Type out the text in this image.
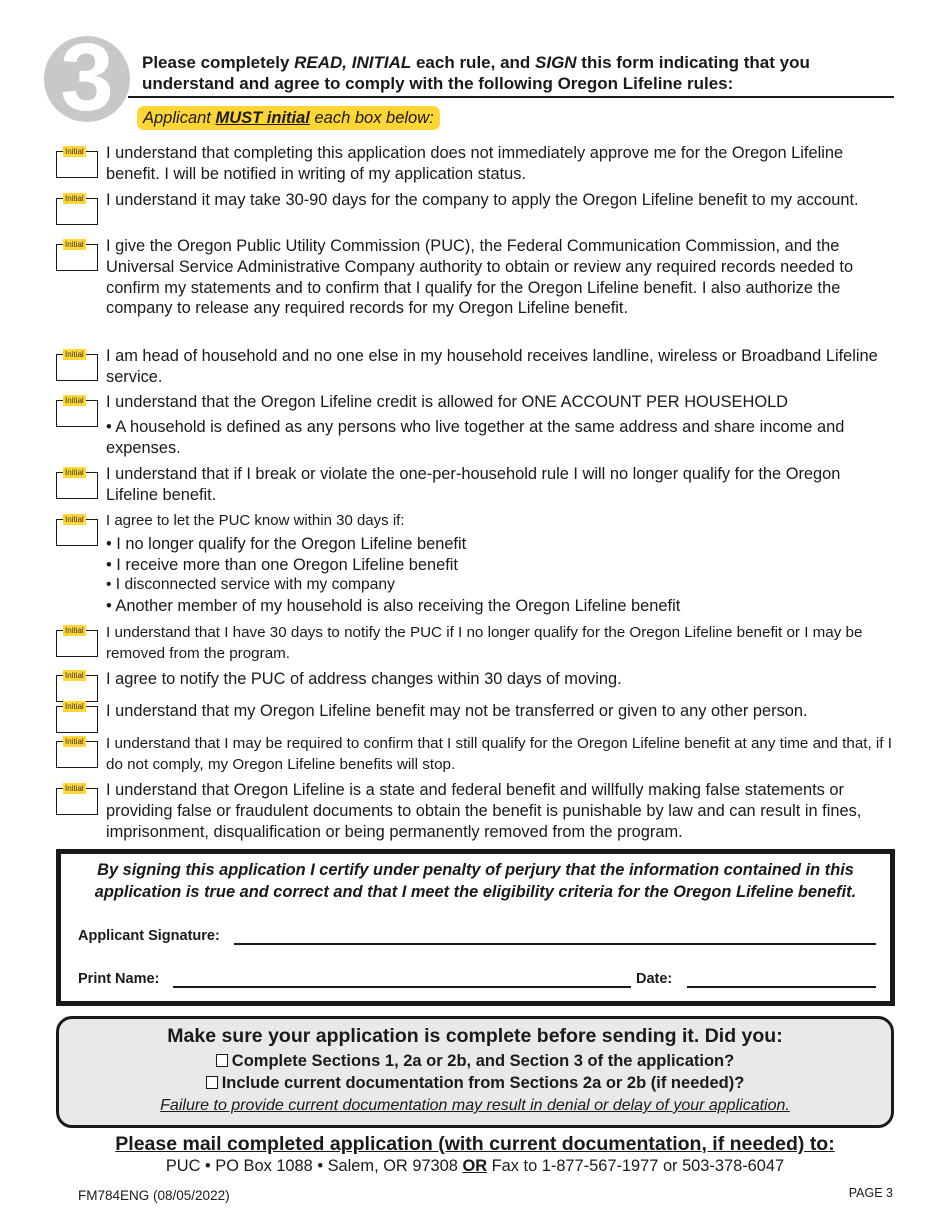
3	Please completely READ, INITIAL each rule, and SIGN this form indicating that you understand and agree to comply with the following Oregon Lifeline rules:
Applicant MUST initial each box below:
Initial I understand that completing this application does not immediately approve me for the Oregon Lifeline benefit. I will be notified in writing of my application status.
Initial I understand it may take 30-90 days for the company to apply the Oregon Lifeline benefit to my account.
Initial I give the Oregon Public Utility Commission (PUC), the Federal Communication Commission, and the Universal Service Administrative Company authority to obtain or review any required records needed to confirm my statements and to confirm that I qualify for the Oregon Lifeline benefit. I also authorize the company to release any required records for my Oregon Lifeline benefit.
Initial I am head of household and no one else in my household receives landline, wireless or Broadband Lifeline service.
Initial I understand that the Oregon Lifeline credit is allowed for ONE ACCOUNT PER HOUSEHOLD
• A household is defined as any persons who live together at the same address and share income and expenses.
Initial I understand that if I break or violate the one-per-household rule I will no longer qualify for the Oregon Lifeline benefit.
Initial I agree to let the PUC know within 30 days if:
• I no longer qualify for the Oregon Lifeline benefit
• I receive more than one Oregon Lifeline benefit
• I disconnected service with my company
• Another member of my household is also receiving the Oregon Lifeline benefit
Initial I understand that I have 30 days to notify the PUC if I no longer qualify for the Oregon Lifeline benefit or I may be removed from the program.
Initial I agree to notify the PUC of address changes within 30 days of moving.
Initial I understand that my Oregon Lifeline benefit may not be transferred or given to any other person.
Initial I understand that I may be required to confirm that I still qualify for the Oregon Lifeline benefit at any time and that, if I do not comply, my Oregon Lifeline benefits will stop.
Initial I understand that Oregon Lifeline is a state and federal benefit and willfully making false statements or providing false or fraudulent documents to obtain the benefit is punishable by law and can result in fines, imprisonment, disqualification or being permanently removed from the program.
By signing this application I certify under penalty of perjury that the information contained in this application is true and correct and that I meet the eligibility criteria for the Oregon Lifeline benefit.
Applicant Signature:
Print Name:	Date:
Make sure your application is complete before sending it. Did you:
Complete Sections 1, 2a or 2b, and Section 3 of the application?
Include current documentation from Sections 2a or 2b (if needed)?
Failure to provide current documentation may result in denial or delay of your application.
Please mail completed application (with current documentation, if needed) to:
PUC • PO Box 1088 • Salem, OR 97308 OR Fax to 1-877-567-1977 or 503-378-6047
FM784ENG (08/05/2022)	PAGE 3
